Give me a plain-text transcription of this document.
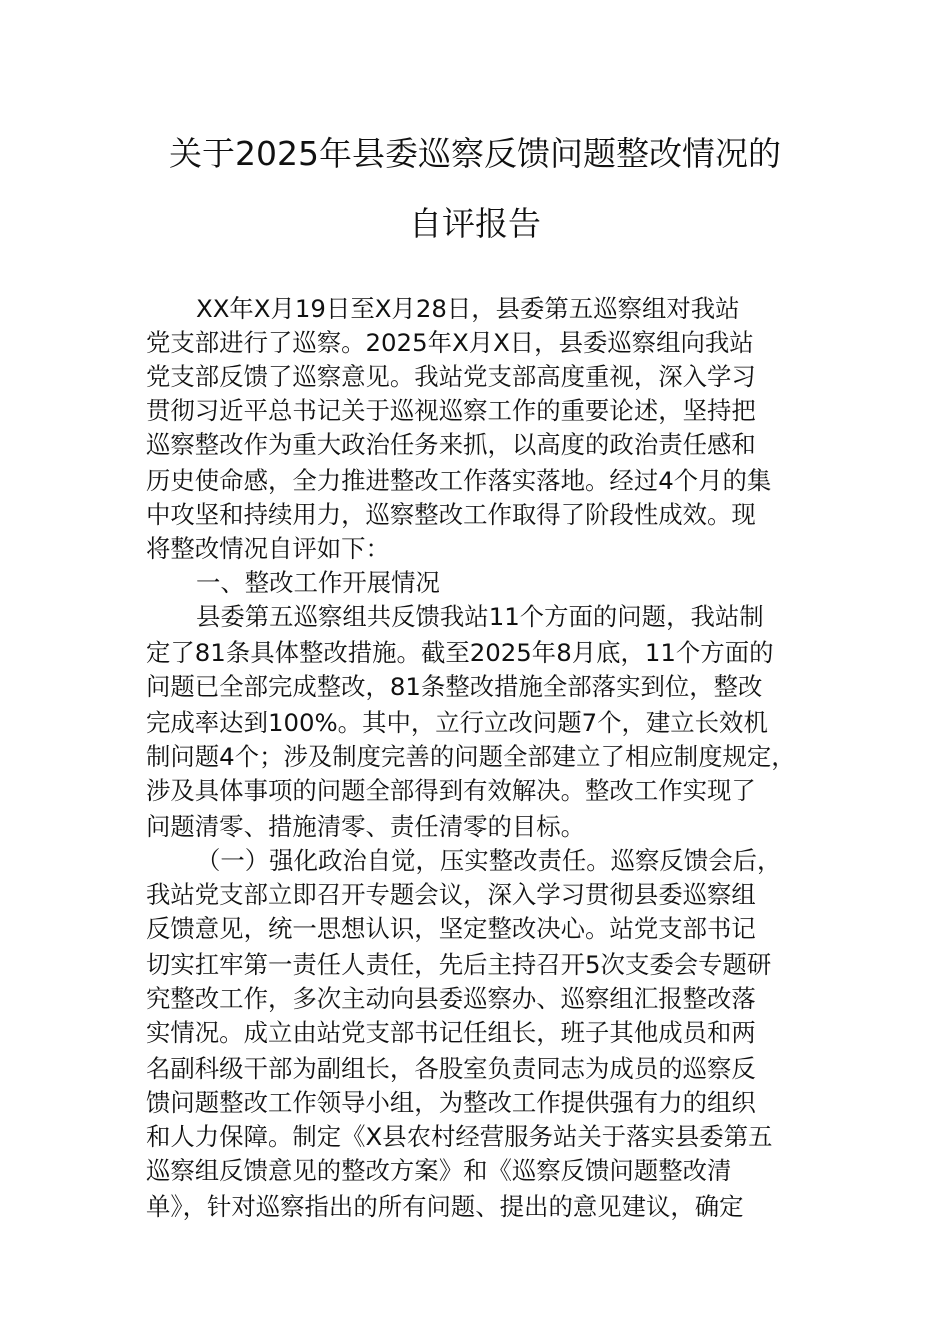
关于2025年县委巡察反馈问题整改情况的
自评报告
XX年X月19日至X月28日，县委第五巡察组对我站
党支部进行了巡察。2025年X月X日，县委巡察组向我站
党支部反馈了巡察意见。我站党支部高度重视，深入学习
贯彻习近平总书记关于巡视巡察工作的重要论述，坚持把
巡察整改作为重大政治任务来抓，以高度的政治责任感和
历史使命感，全力推进整改工作落实落地。经过4个月的集
中攻坚和持续用力，巡察整改工作取得了阶段性成效。现
将整改情况自评如下：
一、整改工作开展情况
县委第五巡察组共反馈我站11个方面的问题，我站制
定了81条具体整改措施。截至2025年8月底，11个方面的
问题已全部完成整改，81条整改措施全部落实到位，整改
完成率达到100%。其中，立行立改问题7个，建立长效机
制问题4个；涉及制度完善的问题全部建立了相应制度规定，
涉及具体事项的问题全部得到有效解决。整改工作实现了
问题清零、措施清零、责任清零的目标。
（一）强化政治自觉，压实整改责任。巡察反馈会后，
我站党支部立即召开专题会议，深入学习贯彻县委巡察组
反馈意见，统一思想认识，坚定整改决心。站党支部书记
切实扛牢第一责任人责任，先后主持召开5次支委会专题研
究整改工作，多次主动向县委巡察办、巡察组汇报整改落
实情况。成立由站党支部书记任组长，班子其他成员和两
名副科级干部为副组长，各股室负责同志为成员的巡察反
馈问题整改工作领导小组，为整改工作提供强有力的组织
和人力保障。制定《X县农村经营服务站关于落实县委第五
巡察组反馈意见的整改方案》和《巡察反馈问题整改清
单》，针对巡察指出的所有问题、提出的意见建议，确定
